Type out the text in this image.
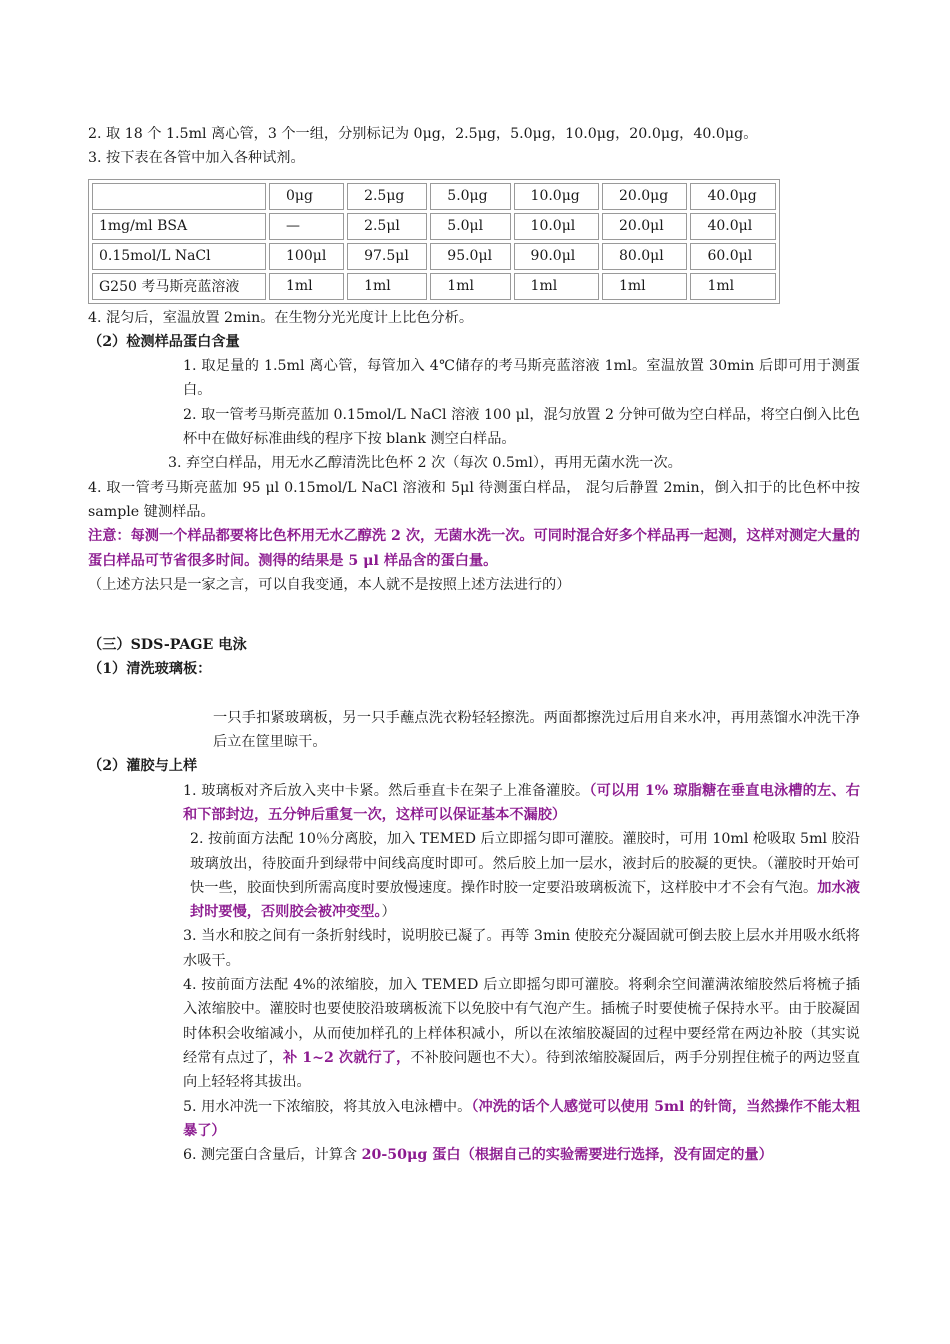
2. 取 18 个 1.5ml 离心管，3 个一组，分别标记为 0μg，2.5μg，5.0μg，10.0μg，20.0μg，40.0μg。

3. 按下表在各管中加入各种试剂。

	0μg	2.5μg	5.0μg	10.0μg	20.0μg	40.0μg
1mg/ml BSA	—	2.5μl	5.0μl	10.0μl	20.0μl	40.0μl
0.15mol/L NaCl	100μl	97.5μl	95.0μl	90.0μl	80.0μl	60.0μl
G250 考马斯亮蓝溶液	1ml	1ml	1ml	1ml	1ml	1ml

4. 混匀后，室温放置 2min。在生物分光光度计上比色分析。

（2）检测样品蛋白含量

1. 取足量的 1.5ml 离心管，每管加入 4℃储存的考马斯亮蓝溶液 1ml。室温放置 30min 后即可用于测蛋白。

2. 取一管考马斯亮蓝加 0.15mol/L NaCl 溶液 100 μl，混匀放置 2 分钟可做为空白样品，将空白倒入比色杯中在做好标准曲线的程序下按 blank 测空白样品。

3. 弃空白样品，用无水乙醇清洗比色杯 2 次（每次 0.5ml），再用无菌水洗一次。

4. 取一管考马斯亮蓝加 95 μl 0.15mol/L NaCl 溶液和 5μl 待测蛋白样品， 混匀后静置 2min，倒入扣于的比色杯中按 sample 键测样品。

注意：每测一个样品都要将比色杯用无水乙醇洗 2 次，无菌水洗一次。可同时混合好多个样品再一起测，这样对测定大量的蛋白样品可节省很多时间。测得的结果是 5 μl 样品含的蛋白量。

（上述方法只是一家之言，可以自我变通，本人就不是按照上述方法进行的）

（三）SDS-PAGE 电泳

（1）清洗玻璃板：

一只手扣紧玻璃板，另一只手蘸点洗衣粉轻轻擦洗。两面都擦洗过后用自来水冲，再用蒸馏水冲洗干净后立在筐里晾干。

（2）灌胶与上样

1. 玻璃板对齐后放入夹中卡紧。然后垂直卡在架子上准备灌胶。（可以用 1% 琼脂糖在垂直电泳槽的左、右和下部封边，五分钟后重复一次，这样可以保证基本不漏胶）

2. 按前面方法配 10％分离胶，加入 TEMED 后立即摇匀即可灌胶。灌胶时，可用 10ml 枪吸取 5ml 胶沿玻璃放出，待胶面升到绿带中间线高度时即可。然后胶上加一层水，液封后的胶凝的更快。（灌胶时开始可快一些，胶面快到所需高度时要放慢速度。操作时胶一定要沿玻璃板流下，这样胶中才不会有气泡。加水液封时要慢，否则胶会被冲变型。）

3. 当水和胶之间有一条折射线时，说明胶已凝了。再等 3min 使胶充分凝固就可倒去胶上层水并用吸水纸将水吸干。

4. 按前面方法配 4%的浓缩胶，加入 TEMED 后立即摇匀即可灌胶。将剩余空间灌满浓缩胶然后将梳子插入浓缩胶中。灌胶时也要使胶沿玻璃板流下以免胶中有气泡产生。插梳子时要使梳子保持水平。由于胶凝固时体积会收缩减小，从而使加样孔的上样体积减小，所以在浓缩胶凝固的过程中要经常在两边补胶（其实说经常有点过了，补 1~2 次就行了，不补胶问题也不大）。待到浓缩胶凝固后，两手分别捏住梳子的两边竖直向上轻轻将其拔出。

5. 用水冲洗一下浓缩胶，将其放入电泳槽中。（冲洗的话个人感觉可以使用 5ml 的针筒，当然操作不能太粗暴了）

6. 测完蛋白含量后，计算含 20-50μg 蛋白（根据自己的实验需要进行选择，没有固定的量）
